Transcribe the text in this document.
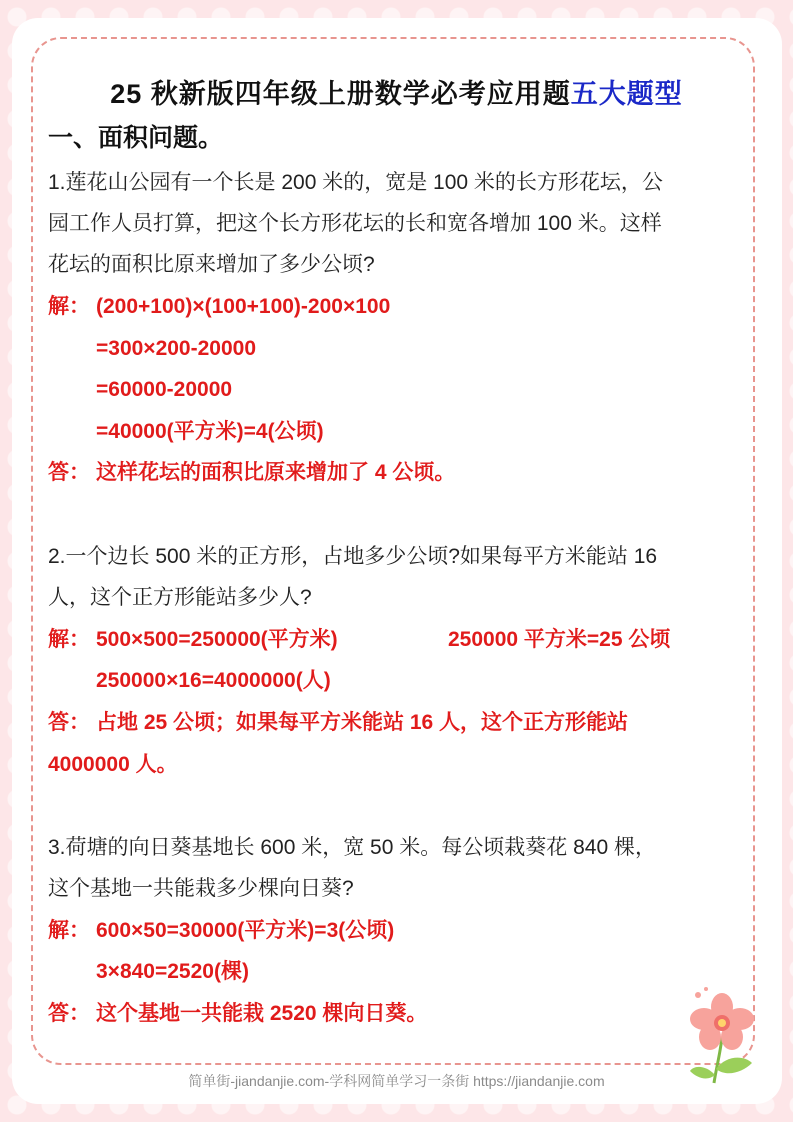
25 秋新版四年级上册数学必考应用题五大题型
一、面积问题。
1.莲花山公园有一个长是 200 米的，宽是 100 米的长方形花坛，公
园工作人员打算，把这个长方形花坛的长和宽各增加 100 米。这样
花坛的面积比原来增加了多少公顷?
解： (200+100)×(100+100)-200×100
=300×200-20000
=60000-20000
=40000(平方米)=4(公顷)
答： 这样花坛的面积比原来增加了 4 公顷。
2.一个边长 500 米的正方形，占地多少公顷?如果每平方米能站 16
人，这个正方形能站多少人?
解： 500×500=250000(平方米)	250000 平方米=25 公顷
250000×16=4000000(人)
答： 占地 25 公顷；如果每平方米能站 16 人，这个正方形能站
4000000 人。
3.荷塘的向日葵基地长 600 米，宽 50 米。每公顷栽葵花 840 棵，
这个基地一共能栽多少棵向日葵?
解： 600×50=30000(平方米)=3(公顷)
3×840=2520(棵)
答： 这个基地一共能栽 2520 棵向日葵。
简单街-jiandanjie.com-学科网简单学习一条街 https://jiandanjie.com
